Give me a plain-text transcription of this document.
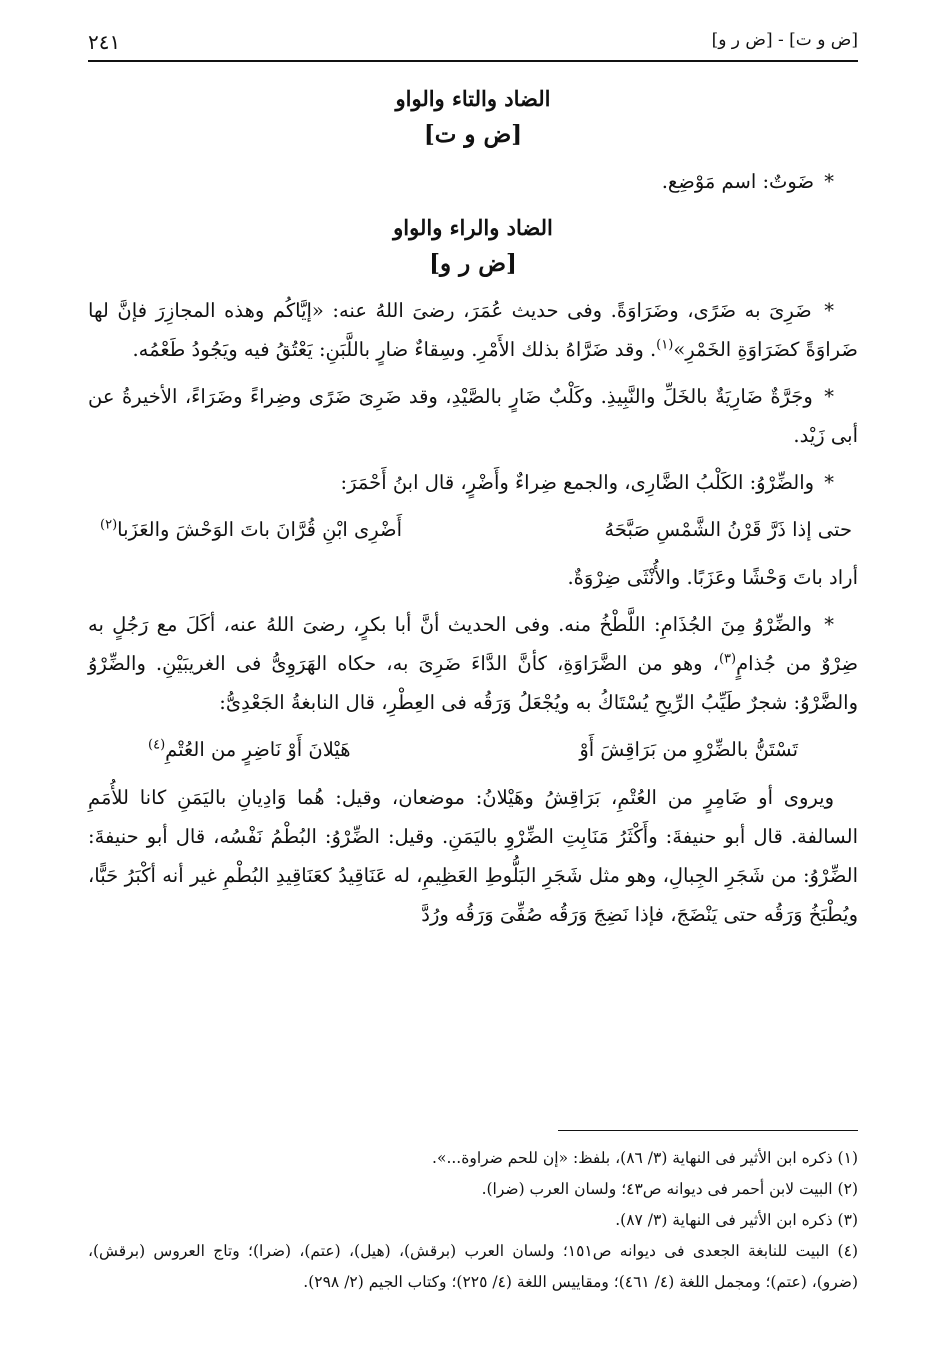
٢٤١	[ض و ت] - [ض ر و]
الضاد والتاء والواو
[ض و ت]

* ضَوتٌ: اسم مَوْضِع.

الضاد والراء والواو
[ض ر و]

* ضَرِىَ به ضَرًى، وضَرَاوَةً. وفى حديث عُمَرَ، رضىَ اللهُ عنه: «إيَّاكُم وهذه المجازِرَ فإنَّ لها ضَراوَةً كضَرَاوَةِ الخَمْرِ»$^{(١)}$. وقد ضَرَّاهُ بذلك الأَمْرِ. وسِقاءٌ ضارٍ باللَّبَنِ: يَعْتُقُ فيه ويَجُودُ طَعْمُه.

* وجَرَّةٌ ضَارِيَةٌ بالخَلِّ والنَّبِيذِ. وكَلْبٌ ضَارٍ بالصَّيْدِ، وقد ضَرِىَ ضَرًى وضِراءً وضَرَاءً، الأخيرةُ عن أبى زَيْد.

* والضِّرْوُ: الكَلْبُ الضَّارِى، والجمع ضِراءٌ وأَضْرٍ، قال ابنُ أَحْمَرَ:

حتى إذا ذَرَّ قَرْنُ الشَّمْسِ صَبَّحَهُ
أَضْرِى ابْنِ قُرَّانَ باتَ الوَحْشَ والعَزَبا$^{(٢)}$

أراد باتَ وَحْشًا وعَزَبًا. والأُنْثَى ضِرْوَةٌ.

* والضِّرْوُ مِنَ الجُذَامِ: اللَّطْخُ منه. وفى الحديث أنَّ أبا بكرٍ، رضىَ اللهُ عنه، أكَلَ مع رَجُلٍ به ضِرْوٌ من جُذامٍ$^{(٣)}$، وهو من الضَّرَاوَةِ، كأنَّ الدَّاءَ ضَرِىَ به، حكاه الهَرَوِىُّ فى الغريبَيْنِ. والضِّرْوُ والضَّرْوُ: شجرٌ طَيِّبُ الرِّيحِ يُسْتَاكُ به ويُجْعَلُ وَرَقُه فى العِطْرِ، قال النابغةُ الجَعْدِىُّ:

تَسْتَنُّ بالضِّرْوِ من بَرَاقِشَ أَوْ
هَيْلانَ أَوْ نَاضِرٍ من العُتْمِ$^{(٤)}$

ويروى أو ضَامِرٍ من العُتْمِ، بَرَاقِشُ وهَيْلانُ: موضعان، وقيل: هُما وَادِيانِ باليَمَنِ كانا للأُمَمِ السالفة. قال أبو حنيفةَ: وأَكْثَرُ مَنَابِتِ الضِّرْوِ باليَمَنِ. وقيل: الضِّرْوُ: البُطْمُ نَفْسُه، قال أبو حنيفةَ: الضِّرْوُ: من شَجَرِ الجِبالِ، وهو مثل شَجَرِ البَلُّوطِ العَظِيمِ، له عَنَاقِيدُ كعَنَاقِيدِ البُطْمِ غير أنه أكْبَرُ حَبًّا، ويُطْبَخُ وَرَقُه حتى يَنْضَجَ، فإذا نَضِجَ وَرَقُه صُفِّىَ وَرَقُه ورُدَّ

(١) ذكره ابن الأثير فى النهاية (٣/ ٨٦)، بلفظ: «إن للحم ضراوة...».

(٢) البيت لابن أحمر فى ديوانه ص٤٣؛ ولسان العرب (ضرا).

(٣) ذكره ابن الأثير فى النهاية (٣/ ٨٧).

(٤) البيت للنابغة الجعدى فى ديوانه ص١٥١؛ ولسان العرب (برقش)، (هيل)، (عتم)، (ضرا)؛ وتاج العروس (برقش)، (ضرو)، (عتم)؛ ومجمل اللغة (٤/ ٤٦١)؛ ومقاييس اللغة (٤/ ٢٢٥)؛ وكتاب الجيم (٢/ ٢٩٨).
